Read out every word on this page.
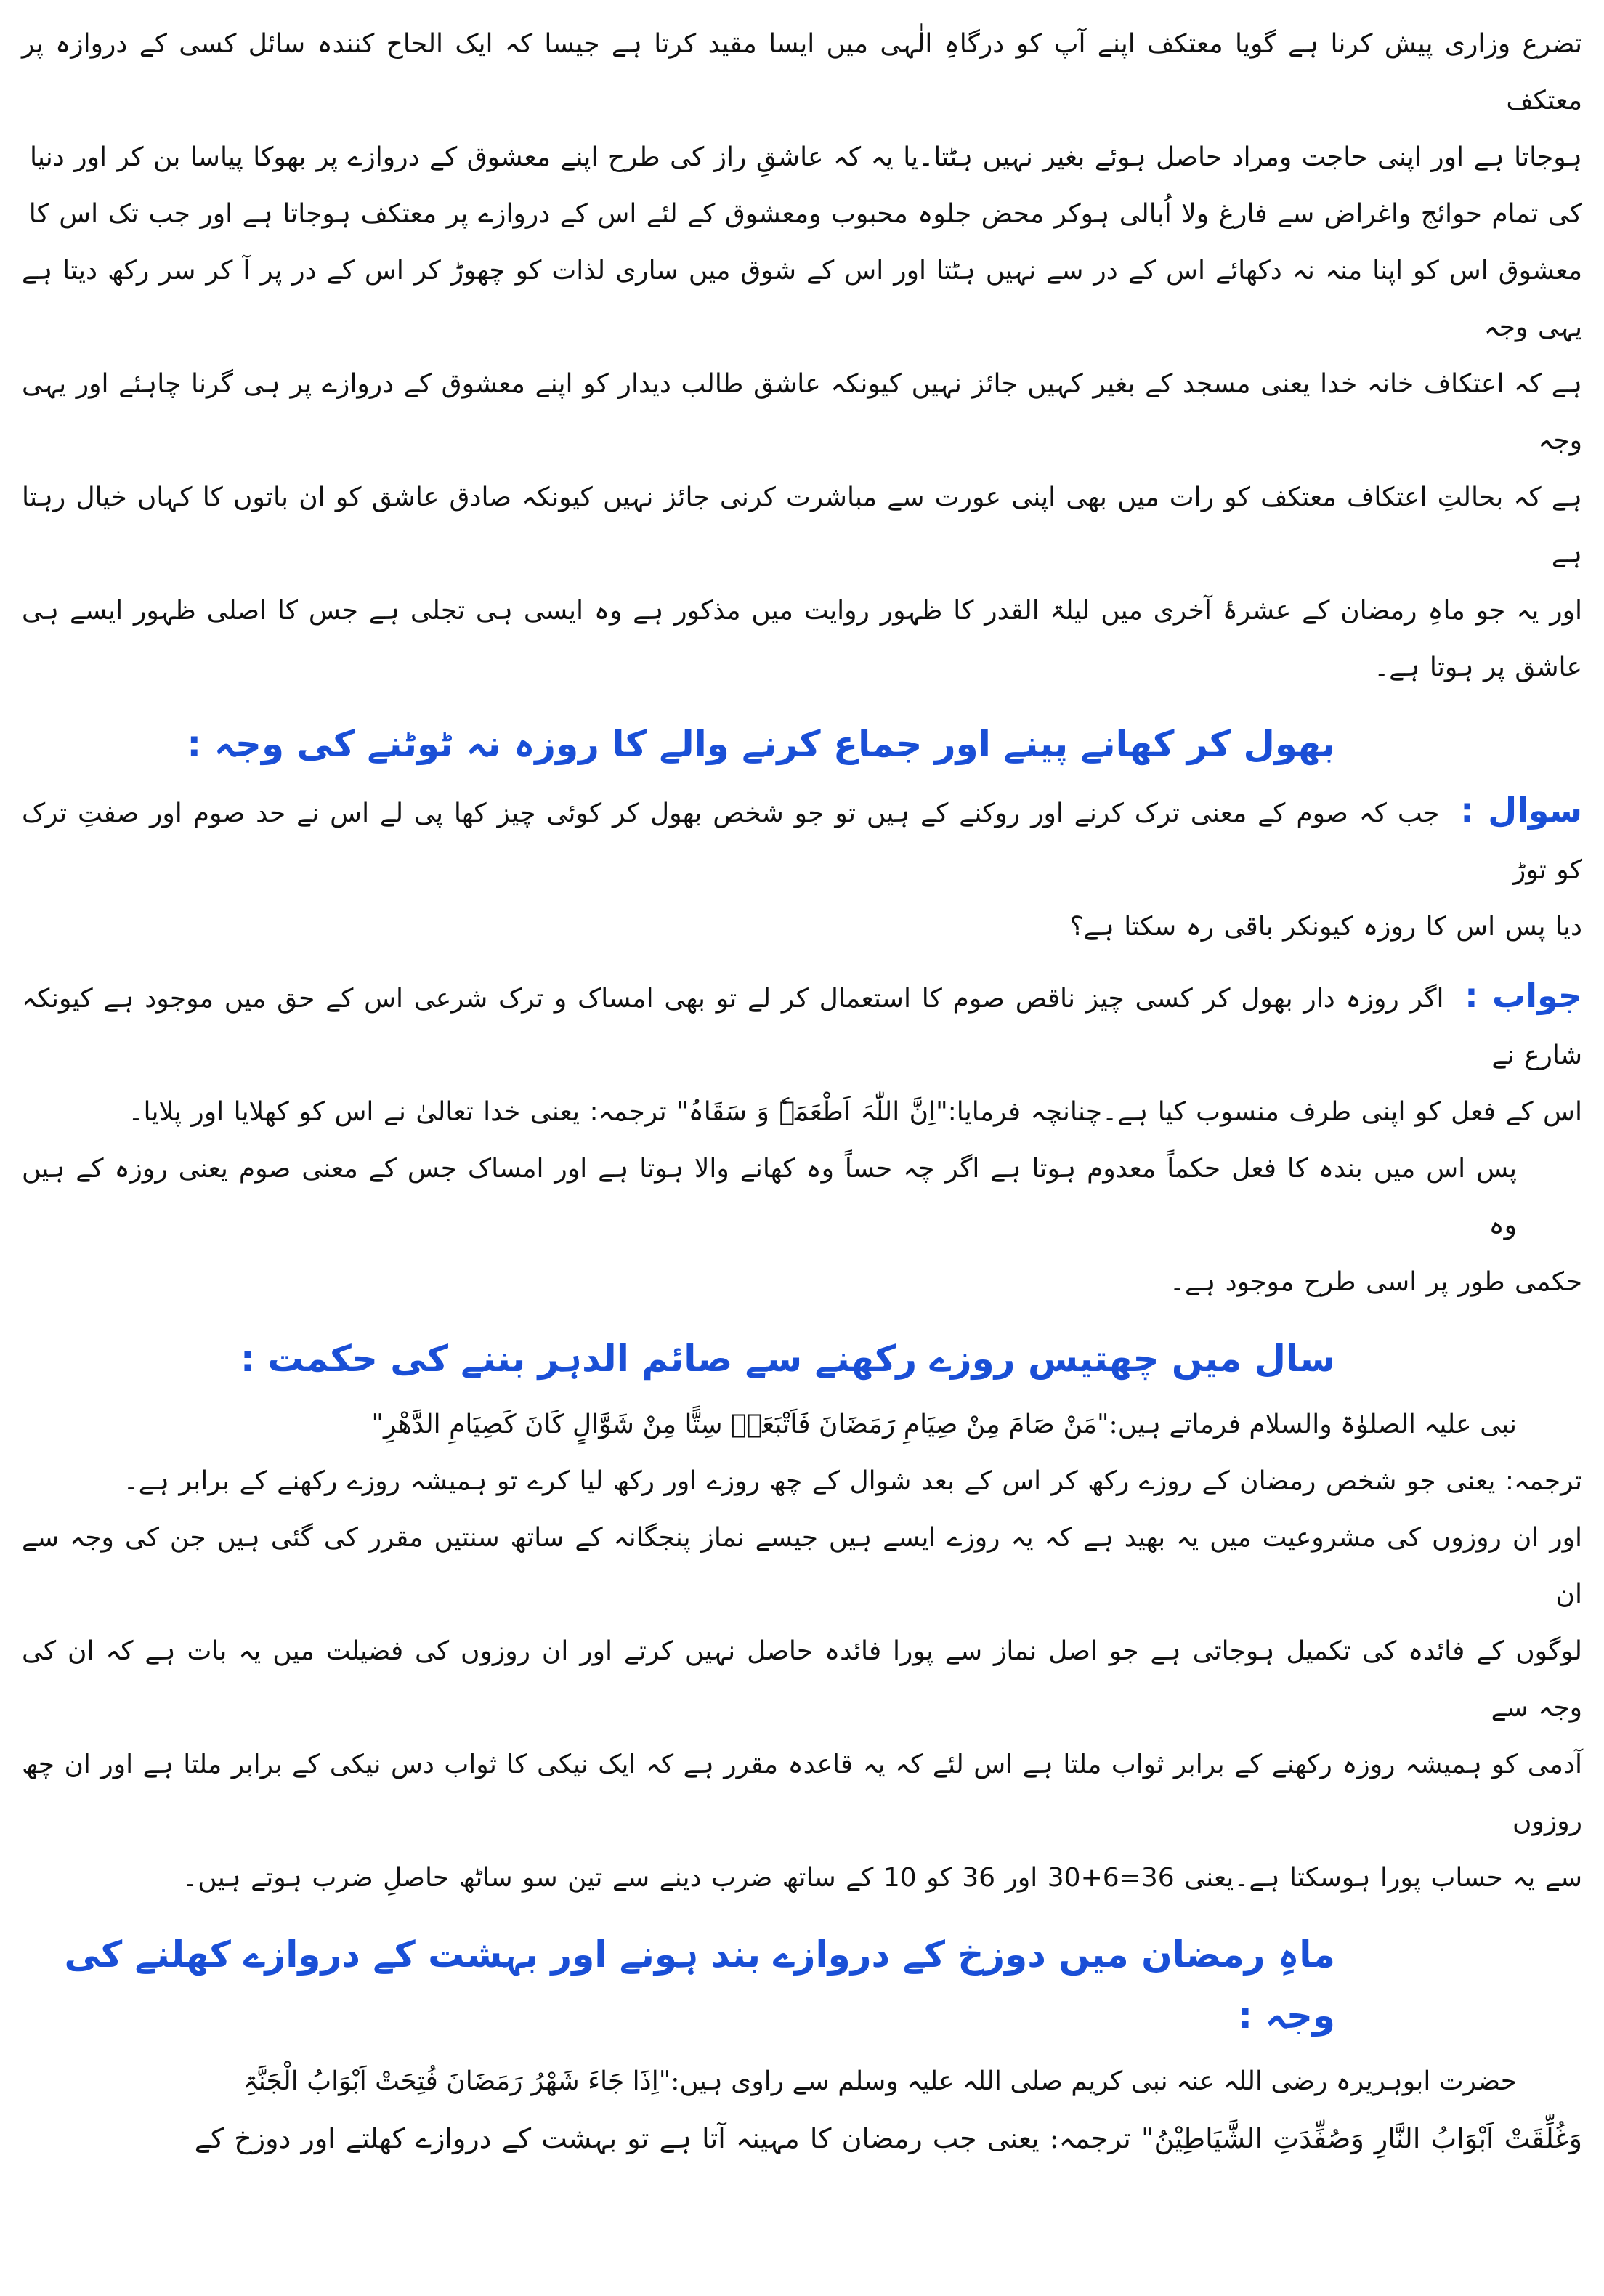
تضرع وزاری پیش کرنا ہے گویا معتکف اپنے آپ کو درگاہِ الٰہی میں ایسا مقید کرتا ہے جیسا کہ ایک الحاح کنندہ سائل کسی کے دروازہ پر معتکف

ہوجاتا ہے اور اپنی حاجت ومراد حاصل ہوئے بغیر نہیں ہٹتا۔یا یہ کہ عاشقِ راز کی طرح اپنے معشوق کے دروازے پر بھوکا پیاسا بن کر اور دنیا

کی تمام حوائج واغراض سے فارغ ولا اُبالی ہوکر محض جلوہ محبوب ومعشوق کے لئے اس کے دروازے پر معتکف ہوجاتا ہے اور جب تک اس کا

معشوق اس کو اپنا منہ نہ دکھائے اس کے در سے نہیں ہٹتا اور اس کے شوق میں ساری لذات کو چھوڑ کر اس کے در پر آ کر سر رکھ دیتا ہے یہی وجہ

ہے کہ اعتکاف خانہ خدا یعنی مسجد کے بغیر کہیں جائز نہیں کیونکہ عاشق طالب دیدار کو اپنے معشوق کے دروازے پر ہی گرنا چاہئے اور یہی وجہ

ہے کہ بحالتِ اعتکاف معتکف کو رات میں بھی اپنی عورت سے مباشرت کرنی جائز نہیں کیونکہ صادق عاشق کو ان باتوں کا کہاں خیال رہتا ہے

اور یہ جو ماہِ رمضان کے عشرۂ آخری میں لیلۃ القدر کا ظہور روایت میں مذکور ہے وہ ایسی ہی تجلی ہے جس کا اصلی ظہور ایسے ہی عاشق پر ہوتا ہے۔

بھول کر کھانے پینے اور جماع کرنے والے کا روزہ نہ ٹوٹنے کی وجہ :

سوال : جب کہ صوم کے معنی ترک کرنے اور روکنے کے ہیں تو جو شخص بھول کر کوئی چیز کھا پی لے اس نے حد صوم اور صفتِ ترک کو توڑ

دیا پس اس کا روزہ کیونکر باقی رہ سکتا ہے؟

جواب : اگر روزہ دار بھول کر کسی چیز ناقص صوم کا استعمال کر لے تو بھی امساک و ترک شرعی اس کے حق میں موجود ہے کیونکہ شارع نے

اس کے فعل کو اپنی طرف منسوب کیا ہے۔چنانچہ فرمایا:"اِنَّ اللّٰہَ اَطْعَمَہٗ وَ سَقَاہُ" ترجمہ: یعنی خدا تعالیٰ نے اس کو کھلایا اور پلایا۔

پس اس میں بندہ کا فعل حکماً معدوم ہوتا ہے اگر چہ حساً وہ کھانے والا ہوتا ہے اور امساک جس کے معنی صوم یعنی روزہ کے ہیں وہ

حکمی طور پر اسی طرح موجود ہے۔

سال میں چھتیس روزے رکھنے سے صائم الدہر بننے کی حکمت :

نبی علیہ الصلوٰۃ والسلام فرماتے ہیں:"مَنْ صَامَ مِنْ صِیَامِ رَمَضَانَ فَاَتْبَعَہٗ سِتًّا مِنْ شَوَّالٍ کَانَ کَصِیَامِ الدَّھْرِ"

ترجمہ: یعنی جو شخص رمضان کے روزے رکھ کر اس کے بعد شوال کے چھ روزے اور رکھ لیا کرے تو ہمیشہ روزے رکھنے کے برابر ہے۔

اور ان روزوں کی مشروعیت میں یہ بھید ہے کہ یہ روزے ایسے ہیں جیسے نماز پنجگانہ کے ساتھ سنتیں مقرر کی گئی ہیں جن کی وجہ سے ان

لوگوں کے فائدہ کی تکمیل ہوجاتی ہے جو اصل نماز سے پورا فائدہ حاصل نہیں کرتے اور ان روزوں کی فضیلت میں یہ بات ہے کہ ان کی وجہ سے

آدمی کو ہمیشہ روزہ رکھنے کے برابر ثواب ملتا ہے اس لئے کہ یہ قاعدہ مقرر ہے کہ ایک نیکی کا ثواب دس نیکی کے برابر ملتا ہے اور ان چھ روزوں

سے یہ حساب پورا ہوسکتا ہے۔یعنی 36=6+30 اور 36 کو 10 کے ساتھ ضرب دینے سے تین سو ساٹھ حاصلِ ضرب ہوتے ہیں۔

ماہِ رمضان میں دوزخ کے دروازے بند ہونے اور بہشت کے دروازے کھلنے کی وجہ :

حضرت ابوہریرہ رضی اللہ عنہ نبی کریم صلی اللہ علیہ وسلم سے راوی ہیں:"اِذَا جَاءَ شَھْرُ رَمَضَانَ فُتِحَتْ اَبْوَابُ الْجَنَّۃِ

وَغُلِّقَتْ اَبْوَابُ النَّارِ وَصُفِّدَتِ الشَّیَاطِیْنُ" ترجمہ: یعنی جب رمضان کا مہینہ آتا ہے تو بہشت کے دروازے کھلتے اور دوزخ کے
